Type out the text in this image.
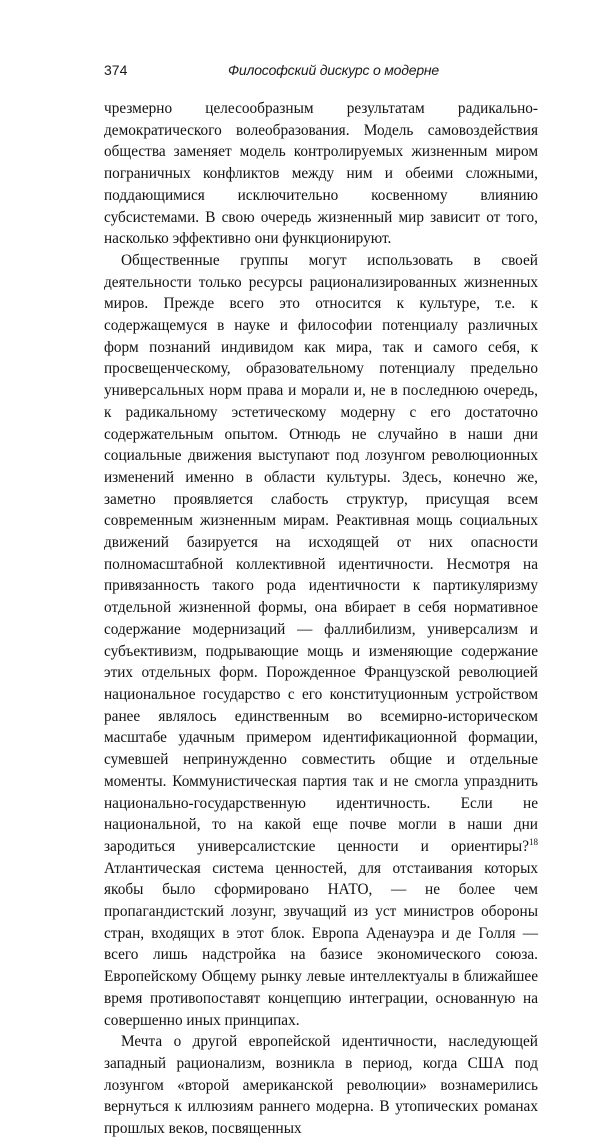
374	Философский дискурс о модерне

чрезмерно целесообразным результатам радикально-демократического волеобразования. Модель самовоздействия общества заменяет модель контролируемых жизненным миром пограничных конфликтов между ним и обеими сложными, поддающимися исключительно косвенному влиянию субсистемами. В свою очередь жизненный мир зависит от того, насколько эффективно они функционируют.

Общественные группы могут использовать в своей деятельности только ресурсы рационализированных жизненных миров. Прежде всего это относится к культуре, т.е. к содержащемуся в науке и философии потенциалу различных форм познаний индивидом как мира, так и самого себя, к просвещенческому, образовательному потенциалу предельно универсальных норм права и морали и, не в последнюю очередь, к радикальному эстетическому модерну с его достаточно содержательным опытом. Отнюдь не случайно в наши дни социальные движения выступают под лозунгом революционных изменений именно в области культуры. Здесь, конечно же, заметно проявляется слабость структур, присущая всем современным жизненным мирам. Реактивная мощь социальных движений базируется на исходящей от них опасности полномасштабной коллективной идентичности. Несмотря на привязанность такого рода идентичности к партикуляризму отдельной жизненной формы, она вбирает в себя нормативное содержание модернизаций — фаллибилизм, универсализм и субъективизм, подрывающие мощь и изменяющие содержание этих отдельных форм. Порожденное Французской революцией национальное государство с его конституционным устройством ранее являлось единственным во всемирно-историческом масштабе удачным примером идентификационной формации, сумевшей непринужденно совместить общие и отдельные моменты. Коммунистическая партия так и не смогла упразднить национально-государственную идентичность. Если не национальной, то на какой еще почве могли в наши дни зародиться универсалистские ценности и ориентиры?$^{18}$ Атлантическая система ценностей, для отстаивания которых якобы было сформировано НАТО, — не более чем пропагандистский лозунг, звучащий из уст министров обороны стран, входящих в этот блок. Европа Аденауэра и де Голля — всего лишь надстройка на базисе экономического союза. Европейскому Общему рынку левые интеллектуалы в ближайшее время противопоставят концепцию интеграции, основанную на совершенно иных принципах.

Мечта о другой европейской идентичности, наследующей западный рационализм, возникла в период, когда США под лозунгом «второй американской революции» вознамерились вернуться к иллюзиям раннего модерна. В утопических романах прошлых веков, посвященных
